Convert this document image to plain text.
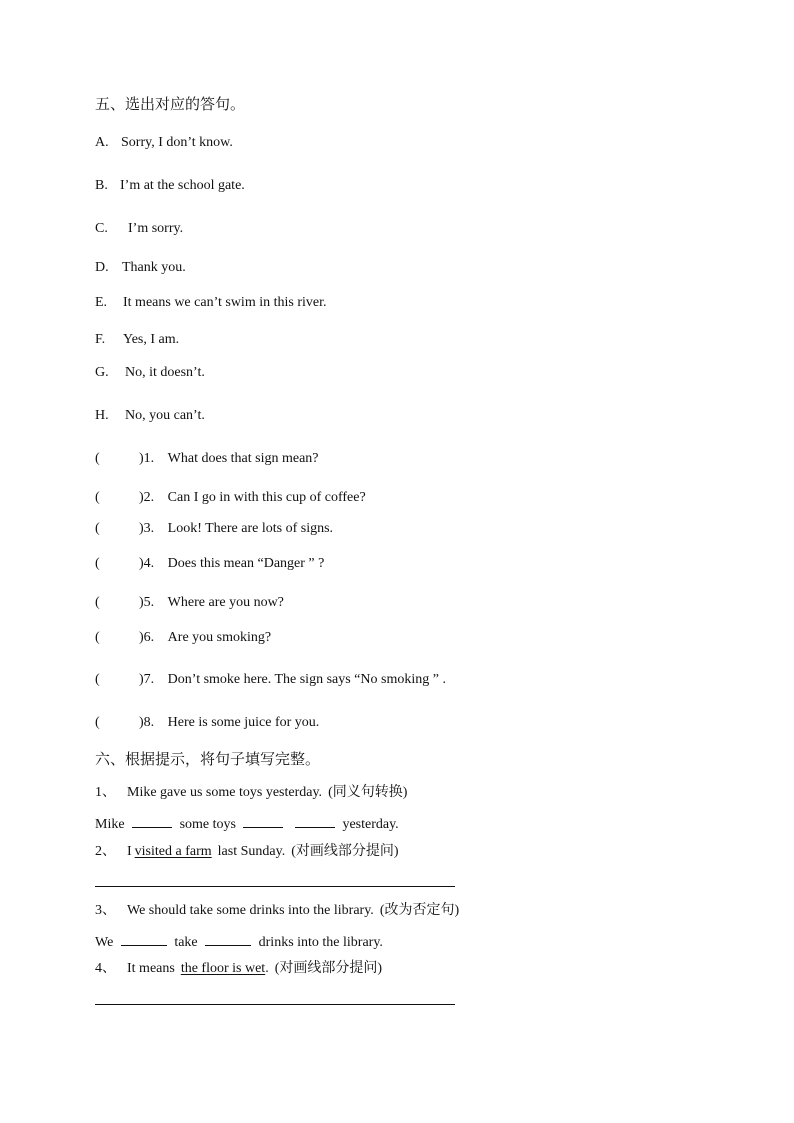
五、选出对应的答句。
A. Sorry, I don’t know.
B. I’m at the school gate.
C. I’m sorry.
D. Thank you.
E. It means we can’t swim in this river.
F. Yes, I am.
G. No, it doesn’t.
H. No, you can’t.
(	)1. What does that sign mean?
(	)2. Can I go in with this cup of coffee?
(	)3. Look! There are lots of signs.
(	)4. Does this mean “Danger ” ?
(	)5. Where are you now?
(	)6. Are you smoking?
(	)7. Don’t smoke here. The sign says “No smoking ” .
(	)8. Here is some juice for you.
六、根据提示，将句子填写完整。
1、 Mike gave us some toys yesterday. (同义句转换)
Mike	some toys	yesterday.
2、 I visited a farm last Sunday. (对画线部分提问)
3、 We should take some drinks into the library. (改为否定句)
We	take	drinks into the library.
4、 It means the floor is wet. (对画线部分提问)
